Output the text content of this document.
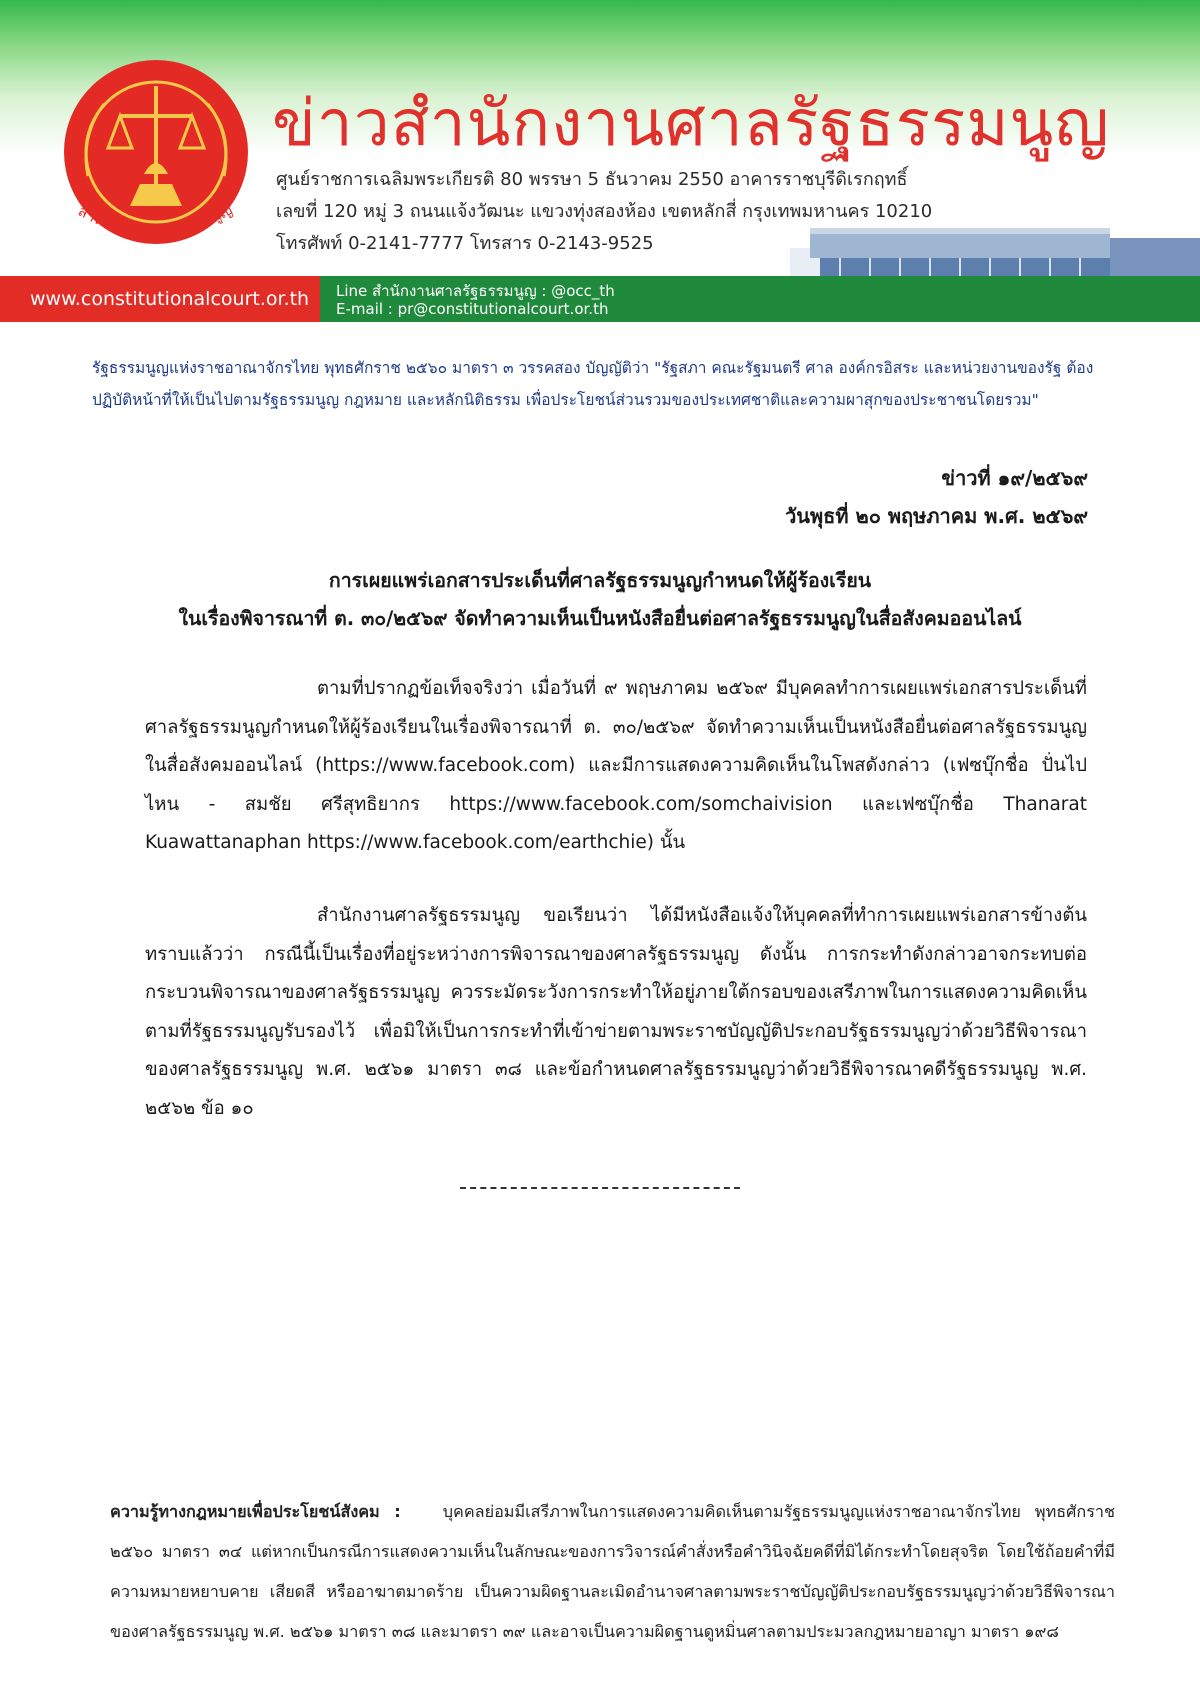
สำนักงานศาลรัฐธรรมนูญ
ข่าวสำนักงานศาลรัฐธรรมนูญ
ศูนย์ราชการเฉลิมพระเกียรติ 80 พรรษา 5 ธันวาคม 2550 อาคารราชบุรีดิเรกฤทธิ์
เลขที่ 120 หมู่ 3 ถนนแจ้งวัฒนะ แขวงทุ่งสองห้อง เขตหลักสี่ กรุงเทพมหานคร 10210
โทรศัพท์ 0-2141-7777 โทรสาร 0-2143-9525
www.constitutionalcourt.or.th Line สำนักงานศาลรัฐธรรมนูญ : @occ_th
E-mail : pr@constitutionalcourt.or.th
รัฐธรรมนูญแห่งราชอาณาจักรไทย พุทธศักราช ๒๕๖๐ มาตรา ๓ วรรคสอง บัญญัติว่า "รัฐสภา คณะรัฐมนตรี ศาล องค์กรอิสระ และหน่วยงานของรัฐ ต้องปฏิบัติหน้าที่ให้เป็นไปตามรัฐธรรมนูญ กฎหมาย และหลักนิติธรรม เพื่อประโยชน์ส่วนรวมของประเทศชาติและความผาสุกของประชาชนโดยรวม"
ข่าวที่ ๑๙/๒๕๖๙
วันพุธที่ ๒๐ พฤษภาคม พ.ศ. ๒๕๖๙
การเผยแพร่เอกสารประเด็นที่ศาลรัฐธรรมนูญกำหนดให้ผู้ร้องเรียน
ในเรื่องพิจารณาที่ ต. ๓๐/๒๕๖๙ จัดทำความเห็นเป็นหนังสือยื่นต่อศาลรัฐธรรมนูญในสื่อสังคมออนไลน์
ตามที่ปรากฏข้อเท็จจริงว่า เมื่อวันที่ ๙ พฤษภาคม ๒๕๖๙ มีบุคคลทำการเผยแพร่เอกสารประเด็นที่ศาลรัฐธรรมนูญกำหนดให้ผู้ร้องเรียนในเรื่องพิจารณาที่ ต. ๓๐/๒๕๖๙ จัดทำความเห็นเป็นหนังสือยื่นต่อศาลรัฐธรรมนูญในสื่อสังคมออนไลน์ (https://www.facebook.com) และมีการแสดงความคิดเห็นในโพสดังกล่าว (เฟซบุ๊กชื่อ ปั่นไปไหน - สมชัย ศรีสุทธิยากร https://www.facebook.com/somchaivision และเฟซบุ๊กชื่อ Thanarat Kuawattanaphan https://www.facebook.com/earthchie) นั้น
สำนักงานศาลรัฐธรรมนูญ ขอเรียนว่า ได้มีหนังสือแจ้งให้บุคคลที่ทำการเผยแพร่เอกสารข้างต้นทราบแล้วว่า กรณีนี้เป็นเรื่องที่อยู่ระหว่างการพิจารณาของศาลรัฐธรรมนูญ ดังนั้น การกระทำดังกล่าวอาจกระทบต่อกระบวนพิจารณาของศาลรัฐธรรมนูญ ควรระมัดระวังการกระทำให้อยู่ภายใต้กรอบของเสรีภาพในการแสดงความคิดเห็นตามที่รัฐธรรมนูญรับรองไว้ เพื่อมิให้เป็นการกระทำที่เข้าข่ายตามพระราชบัญญัติประกอบรัฐธรรมนูญว่าด้วยวิธีพิจารณาของศาลรัฐธรรมนูญ พ.ศ. ๒๕๖๑ มาตรา ๓๘ และข้อกำหนดศาลรัฐธรรมนูญว่าด้วยวิธีพิจารณาคดีรัฐธรรมนูญ พ.ศ. ๒๕๖๒ ข้อ ๑๐
ความรู้ทางกฎหมายเพื่อประโยชน์สังคม :	บุคคลย่อมมีเสรีภาพในการแสดงความคิดเห็นตามรัฐธรรมนูญแห่งราชอาณาจักรไทย พุทธศักราช ๒๕๖๐ มาตรา ๓๔ แต่หากเป็นกรณีการแสดงความเห็นในลักษณะของการวิจารณ์คำสั่งหรือคำวินิจฉัยคดีที่มิได้กระทำโดยสุจริต โดยใช้ถ้อยคำที่มีความหมายหยาบคาย เสียดสี หรืออาฆาตมาดร้าย เป็นความผิดฐานละเมิดอำนาจศาลตามพระราชบัญญัติประกอบรัฐธรรมนูญว่าด้วยวิธีพิจารณาของศาลรัฐธรรมนูญ พ.ศ. ๒๕๖๑ มาตรา ๓๘ และมาตรา ๓๙ และอาจเป็นความผิดฐานดูหมิ่นศาลตามประมวลกฎหมายอาญา มาตรา ๑๙๘
